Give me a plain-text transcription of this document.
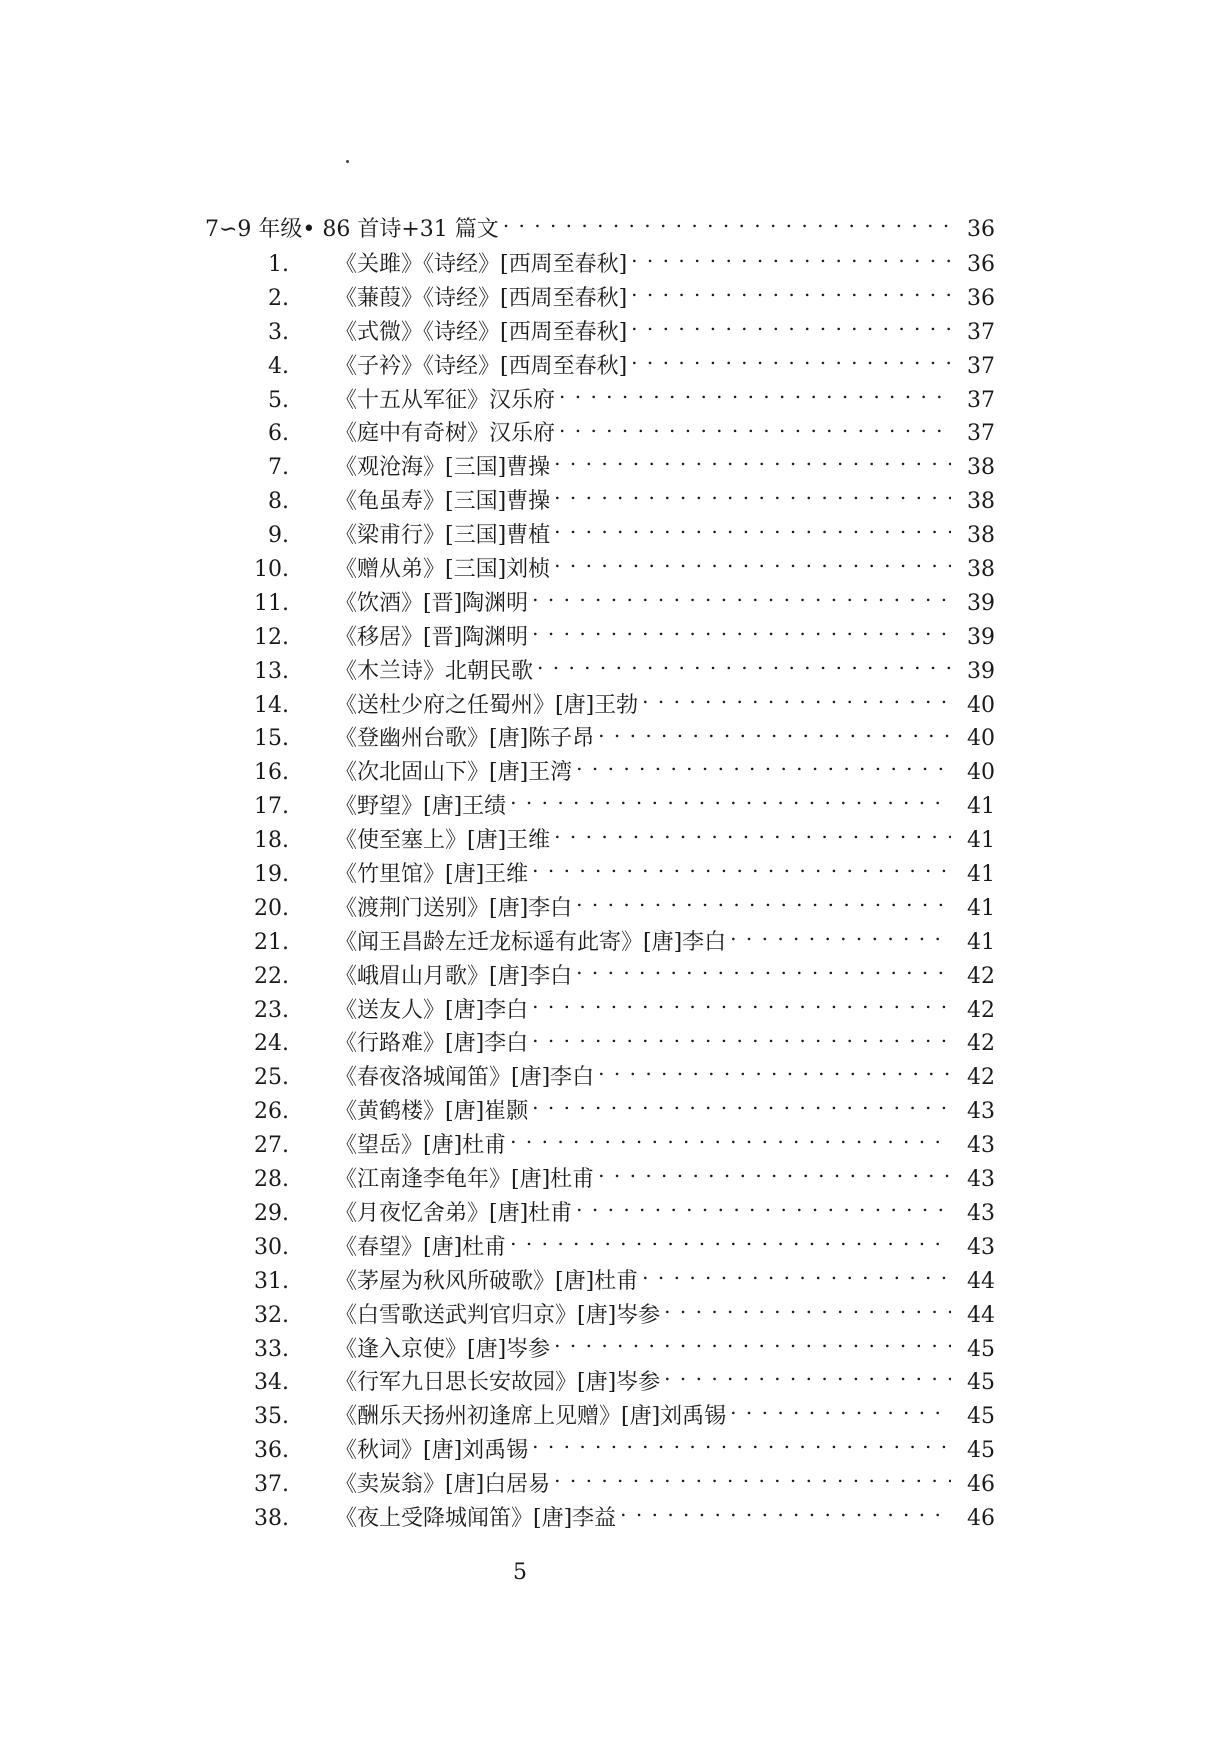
7∽9 年级• 86 首诗+31 篇文 . . .	36
1. 《关雎》《诗经》[西周至春秋] . . .	36
2. 《蒹葭》《诗经》[西周至春秋] . . .	36
3. 《式微》《诗经》[西周至春秋] . . .	37
4. 《子衿》《诗经》[西周至春秋] . . .	37
5. 《十五从军征》汉乐府 . . .	37
6. 《庭中有奇树》汉乐府 . . .	37
7. 《观沧海》[三国]曹操 . . .	38
8. 《龟虽寿》[三国]曹操 . . .	38
9. 《梁甫行》[三国]曹植 . . .	38
10. 《赠从弟》[三国]刘桢 . . .	38
11. 《饮酒》[晋]陶渊明 . . .	39
12. 《移居》[晋]陶渊明 . . .	39
13. 《木兰诗》北朝民歌 . . .	39
14. 《送杜少府之任蜀州》[唐]王勃 . . .	40
15. 《登幽州台歌》[唐]陈子昂 . . .	40
16. 《次北固山下》[唐]王湾 . . .	40
17. 《野望》[唐]王绩 . . .	41
18. 《使至塞上》[唐]王维 . . .	41
19. 《竹里馆》[唐]王维 . . .	41
20. 《渡荆门送别》[唐]李白 . . .	41
21. 《闻王昌龄左迁龙标遥有此寄》[唐]李白 . . .	41
22. 《峨眉山月歌》[唐]李白 . . .	42
23. 《送友人》[唐]李白 . . .	42
24. 《行路难》[唐]李白 . . .	42
25. 《春夜洛城闻笛》[唐]李白 . . .	42
26. 《黄鹤楼》[唐]崔颢 . . .	43
27. 《望岳》[唐]杜甫 . . .	43
28. 《江南逢李龟年》[唐]杜甫 . . .	43
29. 《月夜忆舍弟》[唐]杜甫 . . .	43
30. 《春望》[唐]杜甫 . . .	43
31. 《茅屋为秋风所破歌》[唐]杜甫 . . .	44
32. 《白雪歌送武判官归京》[唐]岑参 . . .	44
33. 《逢入京使》[唐]岑参 . . .	45
34. 《行军九日思长安故园》[唐]岑参 . . .	45
35. 《酬乐天扬州初逢席上见赠》[唐]刘禹锡 . . .	45
36. 《秋词》[唐]刘禹锡 . . .	45
37. 《卖炭翁》[唐]白居易 . . .	46
38. 《夜上受降城闻笛》[唐]李益 . . .	46
5
